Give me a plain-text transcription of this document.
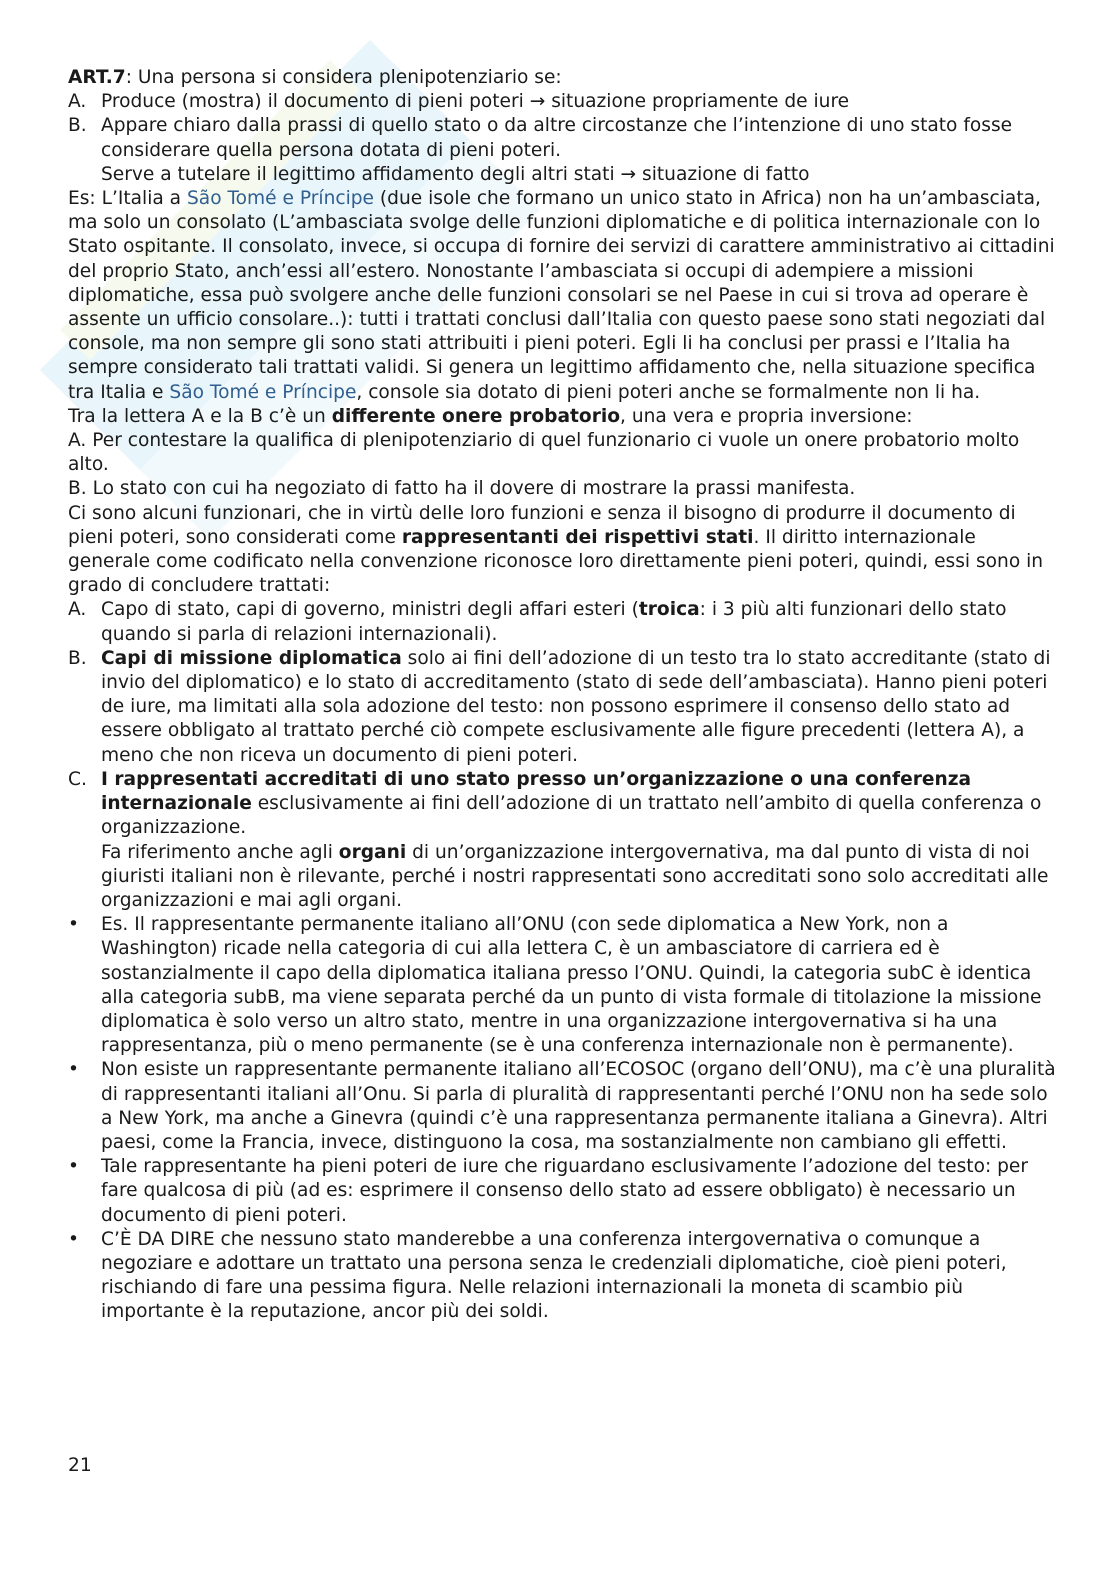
ART.7: Una persona si considera plenipotenziario se:

A. Produce (mostra) il documento di pieni poteri → situazione propriamente de iure
B. Appare chiaro dalla prassi di quello stato o da altre circostanze che l’intenzione di uno stato fosse considerare quella persona dotata di pieni poteri.

Serve a tutelare il legittimo affidamento degli altri stati → situazione di fatto

Es: L’Italia a São Tomé e Príncipe (due isole che formano un unico stato in Africa) non ha un’ambasciata, ma solo un consolato (L’ambasciata svolge delle funzioni diplomatiche e di politica internazionale con lo Stato ospitante. Il consolato, invece, si occupa di fornire dei servizi di carattere amministrativo ai cittadini del proprio Stato, anch’essi all’estero. Nonostante l’ambasciata si occupi di adempiere a missioni diplomatiche, essa può svolgere anche delle funzioni consolari se nel Paese in cui si trova ad operare è assente un ufficio consolare..): tutti i trattati conclusi dall’Italia con questo paese sono stati negoziati dal console, ma non sempre gli sono stati attribuiti i pieni poteri. Egli li ha conclusi per prassi e l’Italia ha sempre considerato tali trattati validi. Si genera un legittimo affidamento che, nella situazione specifica tra Italia e São Tomé e Príncipe, console sia dotato di pieni poteri anche se formalmente non li ha.

Tra la lettera A e la B c’è un differente onere probatorio, una vera e propria inversione:

A. Per contestare la qualifica di plenipotenziario di quel funzionario ci vuole un onere probatorio molto alto.

B. Lo stato con cui ha negoziato di fatto ha il dovere di mostrare la prassi manifesta.

Ci sono alcuni funzionari, che in virtù delle loro funzioni e senza il bisogno di produrre il documento di pieni poteri, sono considerati come rappresentanti dei rispettivi stati. Il diritto internazionale generale come codificato nella convenzione riconosce loro direttamente pieni poteri, quindi, essi sono in grado di concludere trattati:

A. Capo di stato, capi di governo, ministri degli affari esteri (troica: i 3 più alti funzionari dello stato quando si parla di relazioni internazionali).
B. Capi di missione diplomatica solo ai fini dell’adozione di un testo tra lo stato accreditante (stato di invio del diplomatico) e lo stato di accreditamento (stato di sede dell’ambasciata). Hanno pieni poteri de iure, ma limitati alla sola adozione del testo: non possono esprimere il consenso dello stato ad essere obbligato al trattato perché ciò compete esclusivamente alle figure precedenti (lettera A), a meno che non riceva un documento di pieni poteri.
C. I rappresentati accreditati di uno stato presso un’organizzazione o una conferenza internazionale esclusivamente ai fini dell’adozione di un trattato nell’ambito di quella conferenza o organizzazione.

Fa riferimento anche agli organi di un’organizzazione intergovernativa, ma dal punto di vista di noi giuristi italiani non è rilevante, perché i nostri rappresentati sono accreditati sono solo accreditati alle organizzazioni e mai agli organi.

•	Es. Il rappresentante permanente italiano all’ONU (con sede diplomatica a New York, non a Washington) ricade nella categoria di cui alla lettera C, è un ambasciatore di carriera ed è sostanzialmente il capo della diplomatica italiana presso l’ONU. Quindi, la categoria subC è identica alla categoria subB, ma viene separata perché da un punto di vista formale di titolazione la missione diplomatica è solo verso un altro stato, mentre in una organizzazione intergovernativa si ha una rappresentanza, più o meno permanente (se è una conferenza internazionale non è permanente).
•	Non esiste un rappresentante permanente italiano all’ECOSOC (organo dell’ONU), ma c’è una pluralità di rappresentanti italiani all’Onu. Si parla di pluralità di rappresentanti perché l’ONU non ha sede solo a New York, ma anche a Ginevra (quindi c’è una rappresentanza permanente italiana a Ginevra). Altri paesi, come la Francia, invece, distinguono la cosa, ma sostanzialmente non cambiano gli effetti.
•	Tale rappresentante ha pieni poteri de iure che riguardano esclusivamente l’adozione del testo: per fare qualcosa di più (ad es: esprimere il consenso dello stato ad essere obbligato) è necessario un documento di pieni poteri.
•	C’È DA DIRE che nessuno stato manderebbe a una conferenza intergovernativa o comunque a negoziare e adottare un trattato una persona senza le credenziali diplomatiche, cioè pieni poteri, rischiando di fare una pessima figura. Nelle relazioni internazionali la moneta di scambio più importante è la reputazione, ancor più dei soldi.
21
